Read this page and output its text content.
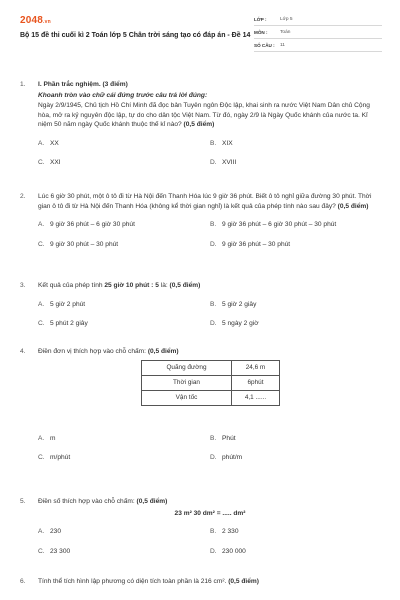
2048.vn
Bộ 15 đề thi cuối kì 2 Toán lớp 5 Chân trời sáng tạo có đáp án - Đề 14
LỚP :	Lớp 5
MÔN :	Toán
SỐ CÂU :	11
1.	I. Phần trắc nghiệm. (3 điểm)
Khoanh tròn vào chữ cái đứng trước câu trả lời đúng:
Ngày 2/9/1945, Chủ tịch Hồ Chí Minh đã đọc bản Tuyên ngôn Độc lập, khai sinh ra nước Việt Nam Dân chủ Cộng hòa, mở ra kỷ nguyên độc lập, tự do cho dân tộc Việt Nam. Từ đó, ngày 2/9 là Ngày Quốc khánh của nước ta. Kỉ niệm 50 năm ngày Quốc khánh thuộc thế kỉ nào? (0,5 điểm)
A. XX	B. XIX
C. XXI	D. XVIII
2.	Lúc 6 giờ 30 phút, một ô tô đi từ Hà Nội đến Thanh Hóa lúc 9 giờ 36 phút. Biết ô tô nghỉ giữa đường 30 phút. Thời gian ô tô đi từ Hà Nội đến Thanh Hóa (không kể thời gian nghỉ) là kết quả của phép tính nào sau đây? (0,5 điểm)
A. 9 giờ 36 phút – 6 giờ 30 phút	B. 9 giờ 36 phút – 6 giờ 30 phút – 30 phút
C. 9 giờ 30 phút – 30 phút	D. 9 giờ 36 phút – 30 phút
3.	Kết quả của phép tính 25 giờ 10 phút : 5 là: (0,5 điểm)
A. 5 giờ 2 phút	B. 5 giờ 2 giây
C. 5 phút 2 giây	D. 5 ngày 2 giờ
4.	Điền đơn vị thích hợp vào chỗ chấm: (0,5 điểm)
Quãng đường	24,6 m
Thời gian	6phút
Vận tốc	4,1 ......
A. m	B. Phút
C. m/phút	D. phút/m
5.	Điền số thích hợp vào chỗ chấm: (0,5 điểm)
23 m² 30 dm² = ..... dm²
A. 230	B. 2 330
C. 23 300	D. 230 000
6.	Tính thể tích hình lập phương có diện tích toàn phần là 216 cm². (0,5 điểm)
